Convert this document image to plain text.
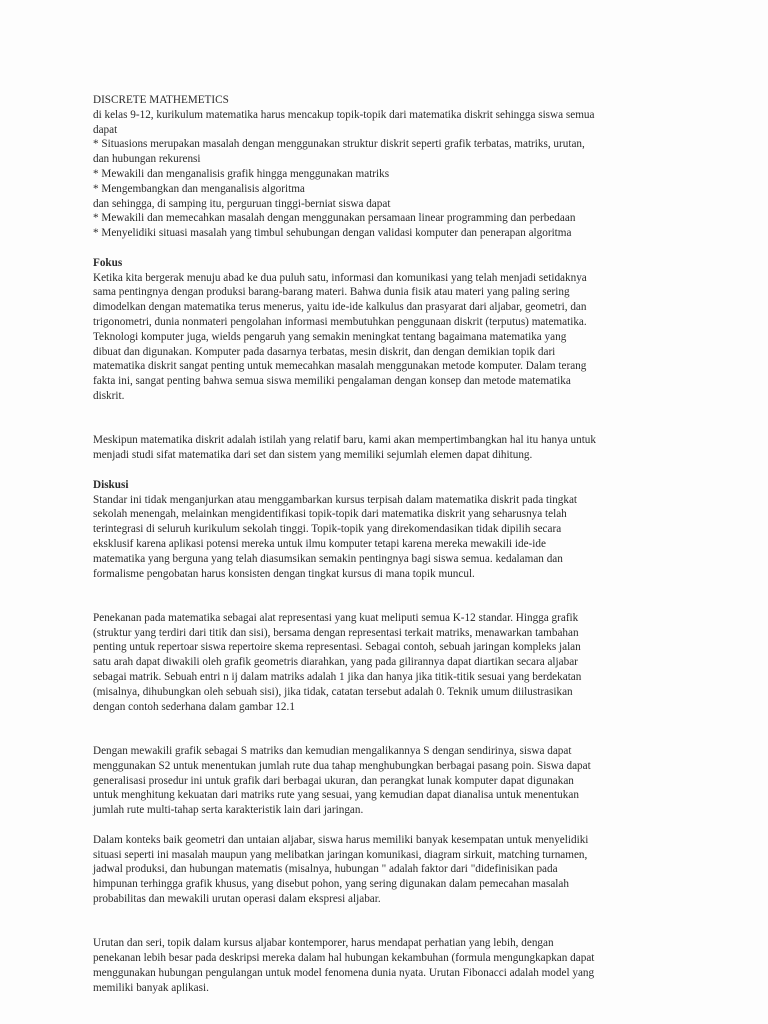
DISCRETE MATHEMETICS
di kelas 9-12, kurikulum matematika harus mencakup topik-topik dari matematika diskrit sehingga siswa semua
dapat
* Situasions merupakan masalah dengan menggunakan struktur diskrit seperti grafik terbatas, matriks, urutan,
dan hubungan rekurensi
* Mewakili dan menganalisis grafik hingga menggunakan matriks
* Mengembangkan dan menganalisis algoritma
dan sehingga, di samping itu, perguruan tinggi-berniat siswa dapat
* Mewakili dan memecahkan masalah dengan menggunakan persamaan linear programming dan perbedaan
* Menyelidiki situasi masalah yang timbul sehubungan dengan validasi komputer dan penerapan algoritma

Fokus
Ketika kita bergerak menuju abad ke dua puluh satu, informasi dan komunikasi yang telah menjadi setidaknya
sama pentingnya dengan produksi barang-barang materi. Bahwa dunia fisik atau materi yang paling sering
dimodelkan dengan matematika terus menerus, yaitu ide-ide kalkulus dan prasyarat dari aljabar, geometri, dan
trigonometri, dunia nonmateri pengolahan informasi membutuhkan penggunaan diskrit (terputus) matematika.
Teknologi komputer juga, wields pengaruh yang semakin meningkat tentang bagaimana matematika yang
dibuat dan digunakan. Komputer pada dasarnya terbatas, mesin diskrit, dan dengan demikian topik dari
matematika diskrit sangat penting untuk memecahkan masalah menggunakan metode komputer. Dalam terang
fakta ini, sangat penting bahwa semua siswa memiliki pengalaman dengan konsep dan metode matematika
diskrit.

Meskipun matematika diskrit adalah istilah yang relatif baru, kami akan mempertimbangkan hal itu hanya untuk
menjadi studi sifat matematika dari set dan sistem yang memiliki sejumlah elemen dapat dihitung.
Diskusi
Standar ini tidak menganjurkan atau menggambarkan kursus terpisah dalam matematika diskrit pada tingkat
sekolah menengah, melainkan mengidentifikasi topik-topik dari matematika diskrit yang seharusnya telah
terintegrasi di seluruh kurikulum sekolah tinggi. Topik-topik yang direkomendasikan tidak dipilih secara
eksklusif karena aplikasi potensi mereka untuk ilmu komputer tetapi karena mereka mewakili ide-ide
matematika yang berguna yang telah diasumsikan semakin pentingnya bagi siswa semua. kedalaman dan
formalisme pengobatan harus konsisten dengan tingkat kursus di mana topik muncul.

Penekanan pada matematika sebagai alat representasi yang kuat meliputi semua K-12 standar. Hingga grafik
(struktur yang terdiri dari titik dan sisi), bersama dengan representasi terkait matriks, menawarkan tambahan
penting untuk repertoar siswa repertoire skema representasi. Sebagai contoh, sebuah jaringan kompleks jalan
satu arah dapat diwakili oleh grafik geometris diarahkan, yang pada gilirannya dapat diartikan secara aljabar
sebagai matrik. Sebuah entri n ij dalam matriks adalah 1 jika dan hanya jika titik-titik sesuai yang berdekatan
(misalnya, dihubungkan oleh sebuah sisi), jika tidak, catatan tersebut adalah 0. Teknik umum diilustrasikan
dengan contoh sederhana dalam gambar 12.1

Dengan mewakili grafik sebagai S matriks dan kemudian mengalikannya S dengan sendirinya, siswa dapat
menggunakan S2 untuk menentukan jumlah rute dua tahap menghubungkan berbagai pasang poin. Siswa dapat
generalisasi prosedur ini untuk grafik dari berbagai ukuran, dan perangkat lunak komputer dapat digunakan
untuk menghitung kekuatan dari matriks rute yang sesuai, yang kemudian dapat dianalisa untuk menentukan
jumlah rute multi-tahap serta karakteristik lain dari jaringan.
Dalam konteks baik geometri dan untaian aljabar, siswa harus memiliki banyak kesempatan untuk menyelidiki
situasi seperti ini masalah maupun yang melibatkan jaringan komunikasi, diagram sirkuit, matching turnamen,
jadwal produksi, dan hubungan matematis (misalnya, hubungan " adalah faktor dari "didefinisikan pada
himpunan terhingga grafik khusus, yang disebut pohon, yang sering digunakan dalam pemecahan masalah
probabilitas dan mewakili urutan operasi dalam ekspresi aljabar.

Urutan dan seri, topik dalam kursus aljabar kontemporer, harus mendapat perhatian yang lebih, dengan
penekanan lebih besar pada deskripsi mereka dalam hal hubungan kekambuhan (formula mengungkapkan dapat
menggunakan hubungan pengulangan untuk model fenomena dunia nyata. Urutan Fibonacci adalah model yang
memiliki banyak aplikasi.
